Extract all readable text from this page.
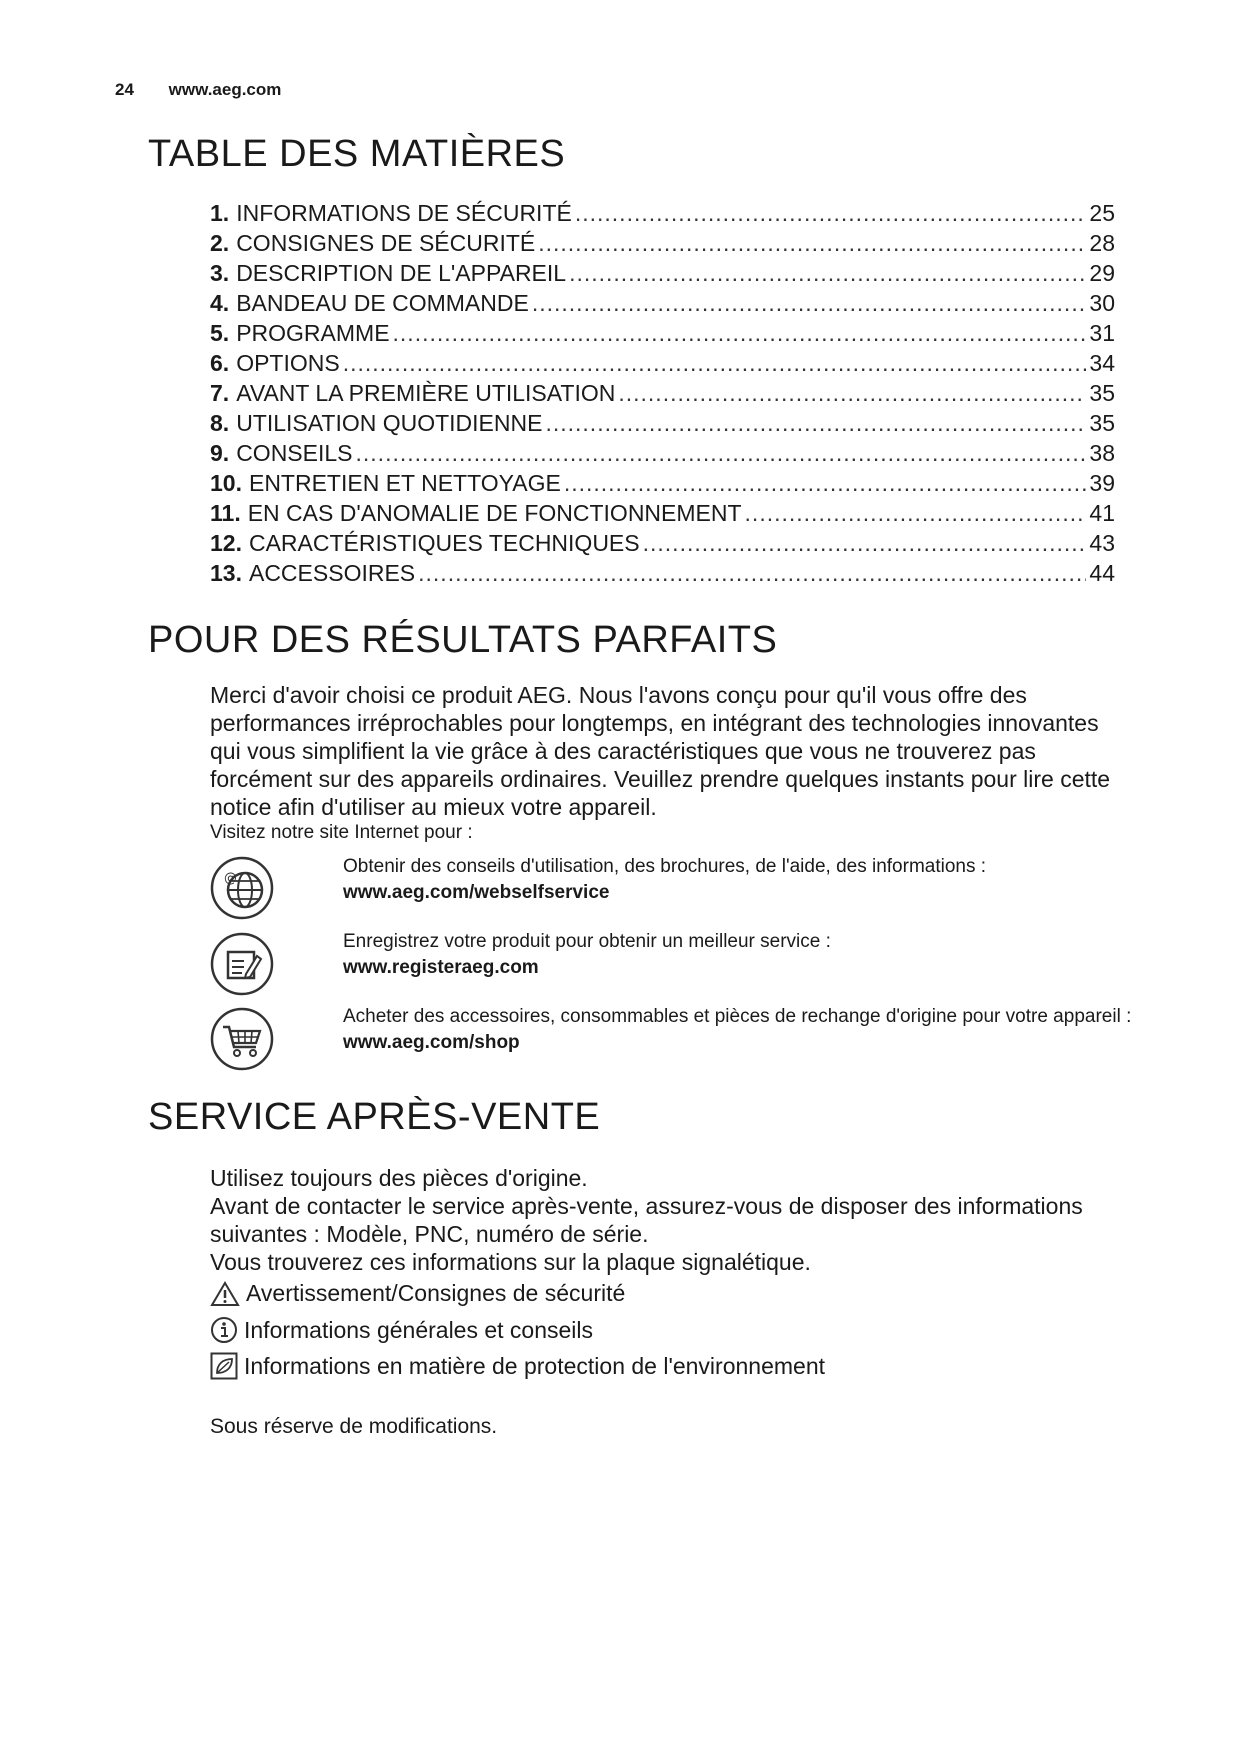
24 www.aeg.com
TABLE DES MATIÈRES
1. INFORMATIONS DE SÉCURITÉ .....	25
2. CONSIGNES DE SÉCURITÉ .....	28
3. DESCRIPTION DE L'APPAREIL .....	29
4. BANDEAU DE COMMANDE .....	30
5. PROGRAMME .....	31
6. OPTIONS .....	34
7. AVANT LA PREMIÈRE UTILISATION .....	35
8. UTILISATION QUOTIDIENNE .....	35
9. CONSEILS .....	38
10. ENTRETIEN ET NETTOYAGE .....	39
11. EN CAS D'ANOMALIE DE FONCTIONNEMENT .....	41
12. CARACTÉRISTIQUES TECHNIQUES .....	43
13. ACCESSOIRES .....	44
POUR DES RÉSULTATS PARFAITS

Merci d'avoir choisi ce produit AEG. Nous l'avons conçu pour qu'il vous offre des performances irréprochables pour longtemps, en intégrant des technologies innovantes qui vous simplifient la vie grâce à des caractéristiques que vous ne trouverez pas forcément sur des appareils ordinaires. Veuillez prendre quelques instants pour lire cette notice afin d'utiliser au mieux votre appareil.

Visitez notre site Internet pour :

@
Obtenir des conseils d'utilisation, des brochures, de l'aide, des informations :
www.aeg.com/webselfservice
Enregistrez votre produit pour obtenir un meilleur service :
www.registeraeg.com
Acheter des accessoires, consommables et pièces de rechange d'origine pour votre appareil :
www.aeg.com/shop
SERVICE APRÈS-VENTE

Utilisez toujours des pièces d'origine.

Avant de contacter le service après-vente, assurez-vous de disposer des informations suivantes : Modèle, PNC, numéro de série.

Vous trouverez ces informations sur la plaque signalétique.

Avertissement/Consignes de sécurité
Informations générales et conseils
Informations en matière de protection de l'environnement

Sous réserve de modifications.
